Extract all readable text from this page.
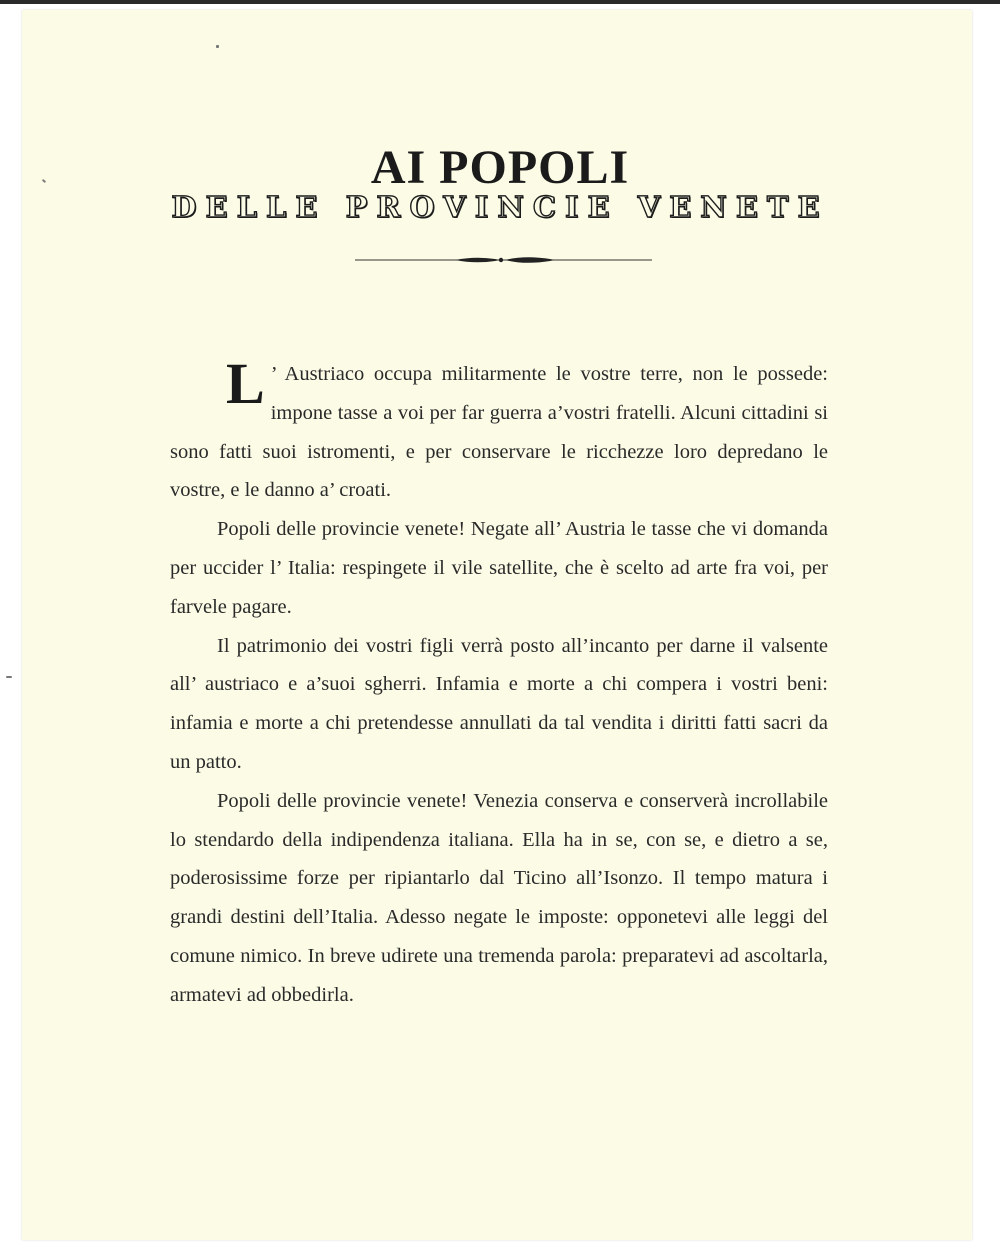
AI POPOLI
DELLE PROVINCIE VENETE

L ’ Austriaco occupa militarmente le vostre terre, non le possede: impone tasse a voi per far guerra a’vostri fratelli. Alcuni cittadini si sono fatti suoi istromenti, e per conservare le ricchezze loro depredano le vostre, e le danno a’ croati.

Popoli delle provincie venete! Negate all’ Austria le tasse che vi domanda per uccider l’ Italia: respingete il vile satellite, che è scelto ad arte fra voi, per farvele pagare.

Il patrimonio dei vostri figli verrà posto all’incanto per darne il valsente all’ austriaco e a’suoi sgherri. Infamia e morte a chi compera i vostri beni: infamia e morte a chi pretendesse annullati da tal vendita i diritti fatti sacri da un patto.

Popoli delle provincie venete! Venezia conserva e conserverà incrollabile lo stendardo della indipendenza italiana. Ella ha in se, con se, e dietro a se, poderosissime forze per ripiantarlo dal Ticino all’Isonzo. Il tempo matura i grandi destini dell’Italia. Adesso negate le imposte: opponetevi alle leggi del comune nimico. In breve udirete una tremenda parola: preparatevi ad ascoltarla, armatevi ad obbedirla.
